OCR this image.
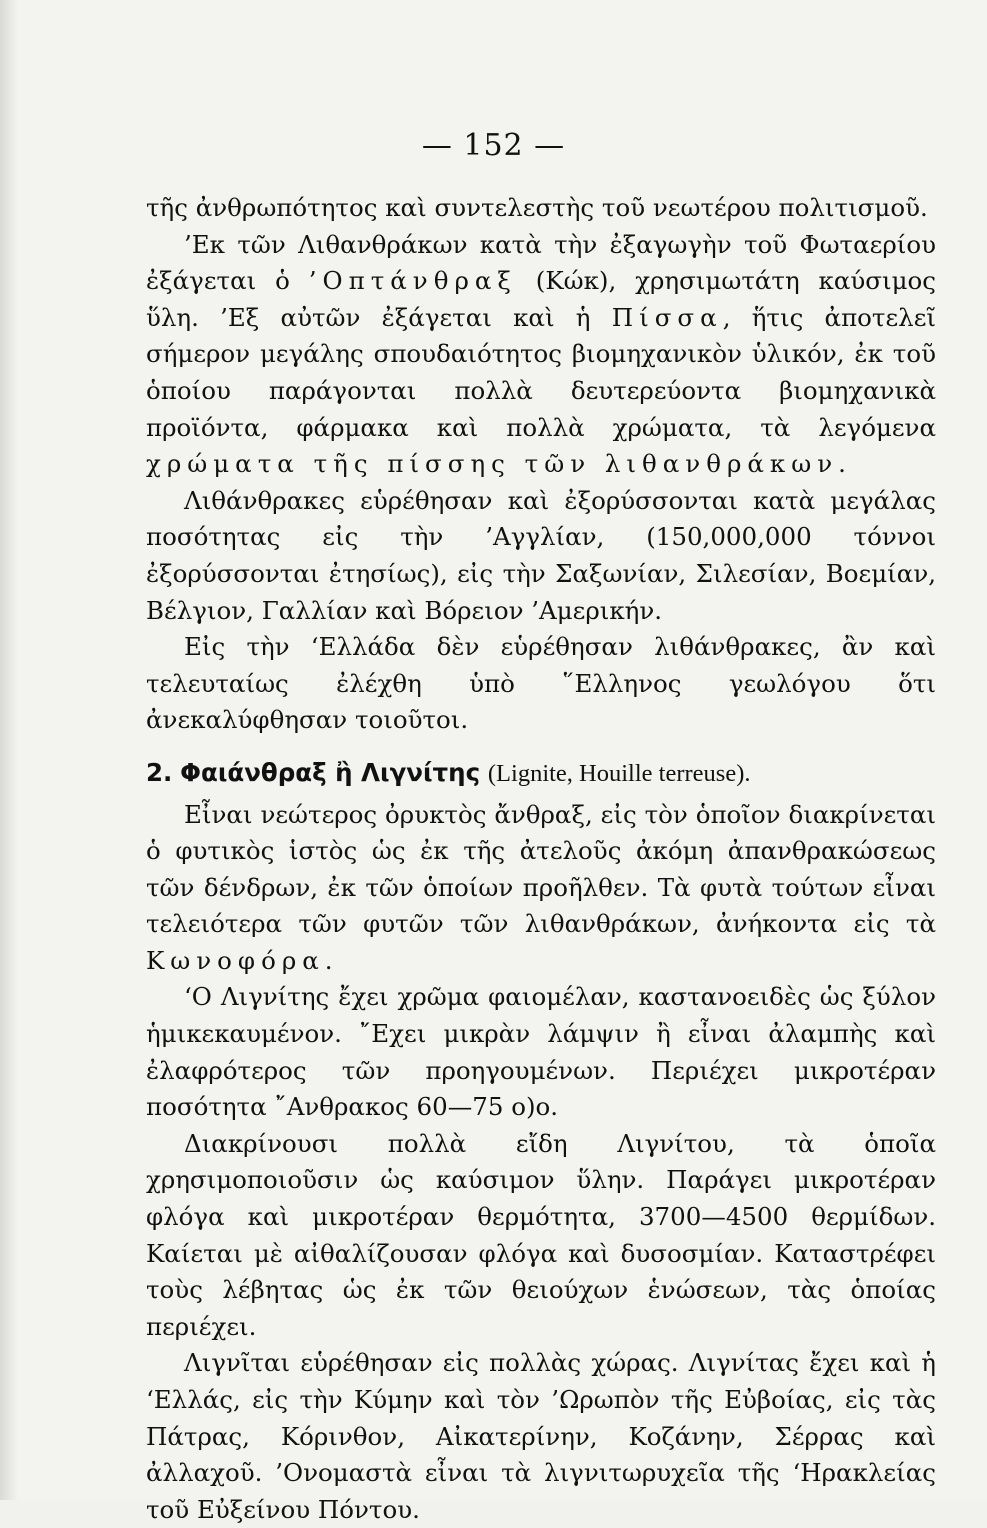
— 152 —

τῆς ἀνθρωπότητος καὶ συντελεστὴς τοῦ νεωτέρου πολιτισμοῦ.

’Εκ τῶν Λιθανθράκων κατὰ τὴν ἐξαγωγὴν τοῦ Φωταερίου ἐξάγεται ὁ ’Οπτάνθραξ (Κώκ), χρησιμωτάτη καύσιμος ὕλη. ’Εξ αὐτῶν ἐξάγεται καὶ ἡ Πίσσα, ἥτις ἀποτελεῖ σήμερον μεγάλης σπουδαιότητος βιομηχανικὸν ὑλικόν, ἐκ τοῦ ὁποίου παράγονται πολλὰ δευτερεύοντα βιομηχανικὰ προϊόντα, φάρμακα καὶ πολλὰ χρώματα, τὰ λεγόμενα χρώματα τῆς πίσσης τῶν λιθανθράκων.

Λιθάνθρακες εὑρέθησαν καὶ ἐξορύσσονται κατὰ μεγάλας ποσότητας εἰς τὴν ’Αγγλίαν, (150,000,000 τόννοι ἐξορύσσονται ἐτησίως), εἰς τὴν Σαξωνίαν, Σιλεσίαν, Βοεμίαν, Βέλγιον, Γαλλίαν καὶ Βόρειον ’Αμερικήν.

Εἰς τὴν ‘Ελλάδα δὲν εὑρέθησαν λιθάνθρακες, ἂν καὶ τελευταίως ἐλέχθη ὑπὸ ῞Ελληνος γεωλόγου ὅτι ἀνεκαλύφθησαν τοιοῦτοι.

2. Φαιάνθραξ ἢ Λιγνίτης (Lignite, Houille terreuse).

Εἶναι νεώτερος ὀρυκτὸς ἄνθραξ, εἰς τὸν ὁποῖον διακρίνεται ὁ φυτικὸς ἱστὸς ὡς ἐκ τῆς ἀτελοῦς ἀκόμη ἀπανθρακώσεως τῶν δένδρων, ἐκ τῶν ὁποίων προῆλθεν. Τὰ φυτὰ τούτων εἶναι τελειότερα τῶν φυτῶν τῶν λιθανθράκων, ἀνήκοντα εἰς τὰ Κωνοφόρα.

‘Ο Λιγνίτης ἔχει χρῶμα φαιομέλαν, καστανοειδὲς ὡς ξύλον ἡμικεκαυμένον. ῎Εχει μικρὰν λάμψιν ἢ εἶναι ἀλαμπὴς καὶ ἐλαφρότερος τῶν προηγουμένων. Περιέχει μικροτέραν ποσότητα ῎Ανθρακος 60—75 ο)ο.

Διακρίνουσι πολλὰ εἴδη Λιγνίτου, τὰ ὁποῖα χρησιμοποιοῦσιν ὡς καύσιμον ὕλην. Παράγει μικροτέραν φλόγα καὶ μικροτέραν θερμότητα, 3700—4500 θερμίδων. Καίεται μὲ αἰθαλίζουσαν φλόγα καὶ δυσοσμίαν. Καταστρέφει τοὺς λέβητας ὡς ἐκ τῶν θειούχων ἑνώσεων, τὰς ὁποίας περιέχει.

Λιγνῖται εὑρέθησαν εἰς πολλὰς χώρας. Λιγνίτας ἔχει καὶ ἡ ‘Ελλάς, εἰς τὴν Κύμην καὶ τὸν ’Ωρωπὸν τῆς Εὐβοίας, εἰς τὰς Πάτρας, Κόρινθον, Αἰκατερίνην, Κοζάνην, Σέρρας καὶ ἀλλαχοῦ. ’Ονομαστὰ εἶναι τὰ λιγνιτωρυχεῖα τῆς ‘Ηρακλείας τοῦ Εὐξείνου Πόντου.
